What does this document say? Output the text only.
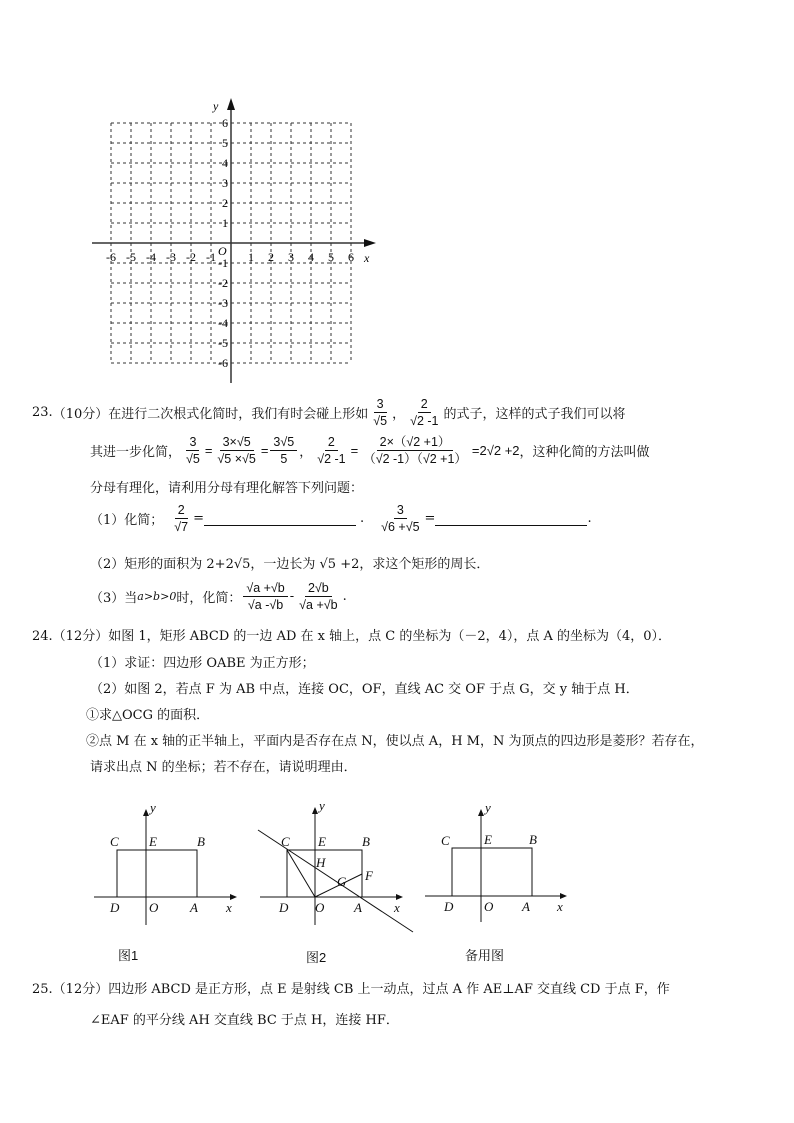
-6 -5 -4 -3 -2 -1	1 2 3 4 5 6
6
5
4
3
2
1
-1
-2
-3
-4
-5
-6
O	x
y
23. （10分） 在进行二次根式化简时，我们有时会碰上形如 $\frac{3}{√5}$ ， $\frac{2}{√2 -1}$ 的式子，这样的式子我们可以将
其进一步化简， $\frac{3}{√5} = \frac{3\times√5}{√5 \times√5} = \frac{3√5}{5}$ ， $\frac{2}{√2 -1} = \frac{2\times(√2 +1)}{(√2 -1)(√2 +1)} =2√2 +2$ ，这种化简的方法叫做
分母有理化，请利用分母有理化解答下列问题：
（1）化简； $\frac{2}{√7}$ =	. $\frac{3}{√6 +√5}$ =	.
（2）矩形的面积为 2+2√5，一边长为 √5 +2，求这个矩形的周长．
（3）当 a>b>0 时，化简： $\frac{√a +√b}{√a -√b} - \frac{2√b}{√a +√b}$ .
24.（12分）如图 1，矩形 ABCD 的一边 AD 在 x 轴上，点 C 的坐标为（－2，4），点 A 的坐标为（4，0）．
（1）求证：四边形 OABE 为正方形；
（2）如图 2，若点 F 为 AB 中点，连接 OC，OF，直线 AC 交 OF 于点 G，交 y 轴于点 H．
①求△OCG 的面积．
②点 M 在 x 轴的正半轴上，平面内是否存在点 N，使以点 A，H M，N 为顶点的四边形是菱形？若存在，
请求出点 N 的坐标；若不存在，请说明理由．
y
C E	B
D O A x
y
C E	B
H
G F
D O A x
y
C	E	B
D O A x
图1	图2	备用图
25.（12分）四边形 ABCD 是正方形，点 E 是射线 CB 上一动点，过点 A 作 AE⊥AF 交直线 CD 于点 F，作
∠EAF 的平分线 AH 交直线 BC 于点 H，连接 HF．
